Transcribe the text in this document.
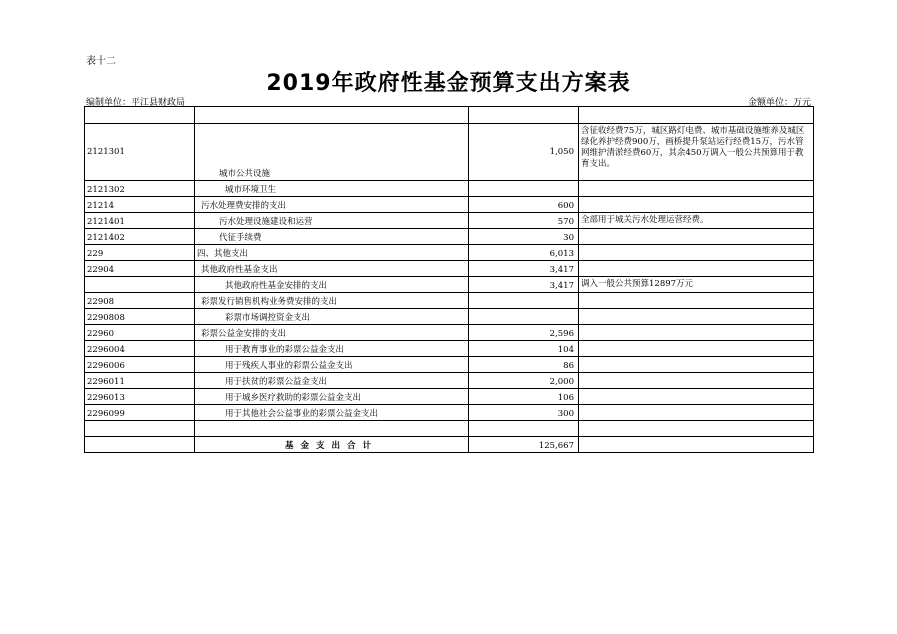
表十二
2019年政府性基金预算支出方案表
编制单位：平江县财政局	金额单位：万元

2121301	城市公共设施	1,050	含征收经费75万，城区路灯电费、城市基础设施维养及城区绿化养护经费900万，画桥提升泵站运行经费15万，污水管网维护清淤经费60万，其余450万调入一般公共预算用于教育支出。
2121302	城市环境卫生		
21214	污水处理费安排的支出	600	
2121401	污水处理设施建设和运营	570	全部用于城关污水处理运营经费。
2121402	代征手续费	30	
229	四、其他支出	6,013	
22904	其他政府性基金支出	3,417	
	其他政府性基金安排的支出	3,417	调入一般公共预算12897万元
22908	彩票发行销售机构业务费安排的支出		
2290808	彩票市场调控资金支出		
22960	彩票公益金安排的支出	2,596	
2296004	用于教育事业的彩票公益金支出	104	
2296006	用于残疾人事业的彩票公益金支出	86	
2296011	用于扶贫的彩票公益金支出	2,000	
2296013	用于城乡医疗救助的彩票公益金支出	106	
2296099	用于其他社会公益事业的彩票公益金支出	300	

	基金支出合计	125,667	
